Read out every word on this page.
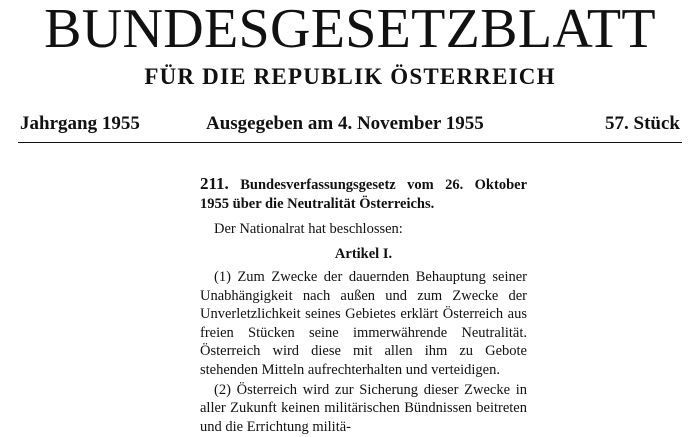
BUNDESGESETZBLATT
FÜR DIE REPUBLIK ÖSTERREICH
Jahrgang 1955	Ausgegeben am 4. November 1955	57. Stück

211. Bundesverfassungsgesetz vom 26. Oktober 1955 über die Neutralität Österreichs.

Der Nationalrat hat beschlossen:

Artikel I.

(1) Zum Zwecke der dauernden Behauptung seiner Unabhängigkeit nach außen und zum Zwecke der Unverletzlichkeit seines Gebietes erklärt Österreich aus freien Stücken seine immerwährende Neutralität. Österreich wird diese mit allen ihm zu Gebote stehenden Mitteln aufrechterhalten und verteidigen.

(2) Österreich wird zur Sicherung dieser Zwecke in aller Zukunft keinen militärischen Bündnissen beitreten und die Errichtung militä-
